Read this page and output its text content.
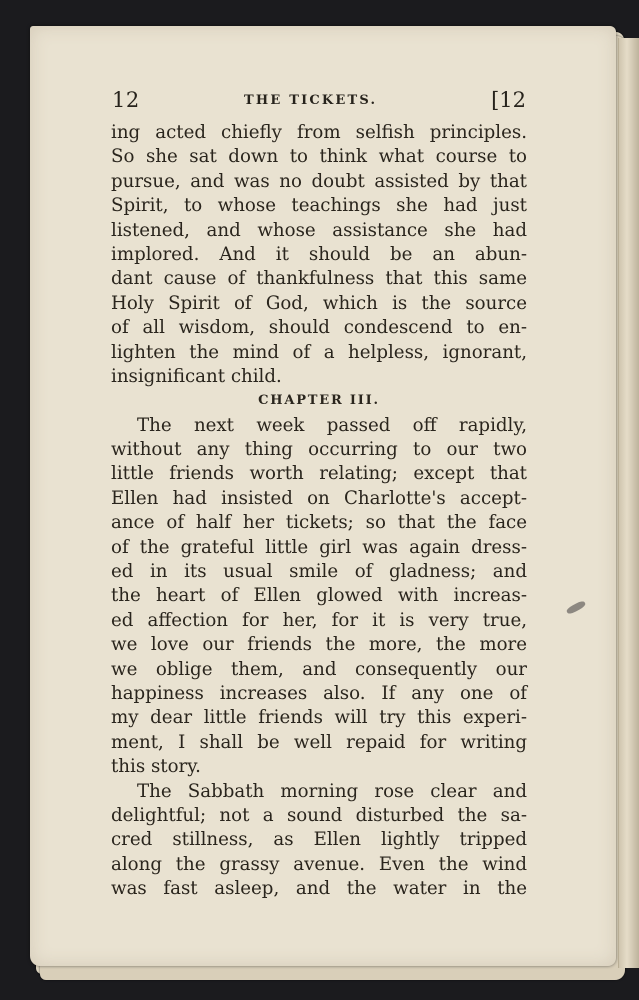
12	THE TICKETS.	[12
ing acted chiefly from selfish principles.
So she sat down to think what course to
pursue, and was no doubt assisted by that
Spirit, to whose teachings she had just
listened, and whose assistance she had
implored. And it should be an abun-
dant cause of thankfulness that this same
Holy Spirit of God, which is the source
of all wisdom, should condescend to en-
lighten the mind of a helpless, ignorant,
insignificant child.
CHAPTER III.
The next week passed off rapidly,
without any thing occurring to our two
little friends worth relating; except that
Ellen had insisted on Charlotte's accept-
ance of half her tickets; so that the face
of the grateful little girl was again dress-
ed in its usual smile of gladness; and
the heart of Ellen glowed with increas-
ed affection for her, for it is very true,
we love our friends the more, the more
we oblige them, and consequently our
happiness increases also. If any one of
my dear little friends will try this experi-
ment, I shall be well repaid for writing
this story.
The Sabbath morning rose clear and
delightful; not a sound disturbed the sa-
cred stillness, as Ellen lightly tripped
along the grassy avenue. Even the wind
was fast asleep, and the water in the
